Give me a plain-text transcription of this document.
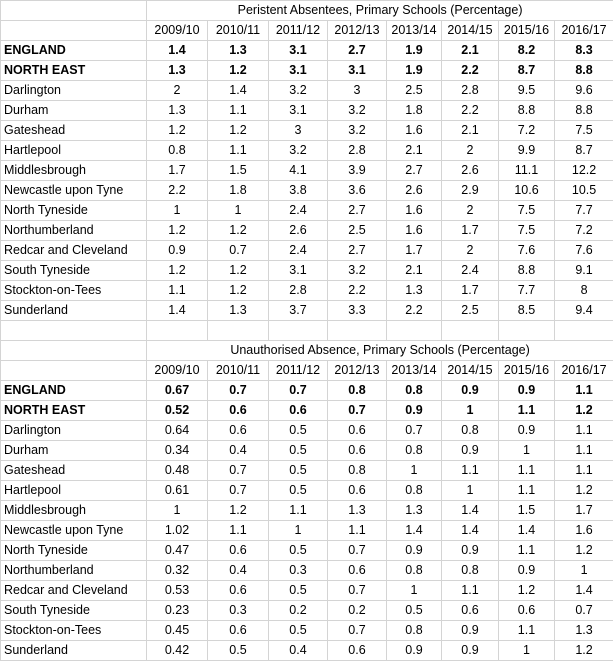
	Peristent Absentees, Primary Schools (Percentage)							
	2009/10	2010/11	2011/12	2012/13	2013/14	2014/15	2015/16	2016/17
ENGLAND	1.4	1.3	3.1	2.7	1.9	2.1	8.2	8.3
NORTH EAST	1.3	1.2	3.1	3.1	1.9	2.2	8.7	8.8
Darlington	2	1.4	3.2	3	2.5	2.8	9.5	9.6
Durham	1.3	1.1	3.1	3.2	1.8	2.2	8.8	8.8
Gateshead	1.2	1.2	3	3.2	1.6	2.1	7.2	7.5
Hartlepool	0.8	1.1	3.2	2.8	2.1	2	9.9	8.7
Middlesbrough	1.7	1.5	4.1	3.9	2.7	2.6	11.1	12.2
Newcastle upon Tyne	2.2	1.8	3.8	3.6	2.6	2.9	10.6	10.5
North Tyneside	1	1	2.4	2.7	1.6	2	7.5	7.7
Northumberland	1.2	1.2	2.6	2.5	1.6	1.7	7.5	7.2
Redcar and Cleveland	0.9	0.7	2.4	2.7	1.7	2	7.6	7.6
South Tyneside	1.2	1.2	3.1	3.2	2.1	2.4	8.8	9.1
Stockton-on-Tees	1.1	1.2	2.8	2.2	1.3	1.7	7.7	8
Sunderland	1.4	1.3	3.7	3.3	2.2	2.5	8.5	9.4

	Unauthorised Absence, Primary Schools (Percentage)							
	2009/10	2010/11	2011/12	2012/13	2013/14	2014/15	2015/16	2016/17
ENGLAND	0.67	0.7	0.7	0.8	0.8	0.9	0.9	1.1
NORTH EAST	0.52	0.6	0.6	0.7	0.9	1	1.1	1.2
Darlington	0.64	0.6	0.5	0.6	0.7	0.8	0.9	1.1
Durham	0.34	0.4	0.5	0.6	0.8	0.9	1	1.1
Gateshead	0.48	0.7	0.5	0.8	1	1.1	1.1	1.1
Hartlepool	0.61	0.7	0.5	0.6	0.8	1	1.1	1.2
Middlesbrough	1	1.2	1.1	1.3	1.3	1.4	1.5	1.7
Newcastle upon Tyne	1.02	1.1	1	1.1	1.4	1.4	1.4	1.6
North Tyneside	0.47	0.6	0.5	0.7	0.9	0.9	1.1	1.2
Northumberland	0.32	0.4	0.3	0.6	0.8	0.8	0.9	1
Redcar and Cleveland	0.53	0.6	0.5	0.7	1	1.1	1.2	1.4
South Tyneside	0.23	0.3	0.2	0.2	0.5	0.6	0.6	0.7
Stockton-on-Tees	0.45	0.6	0.5	0.7	0.8	0.9	1.1	1.3
Sunderland	0.42	0.5	0.4	0.6	0.9	0.9	1	1.2
